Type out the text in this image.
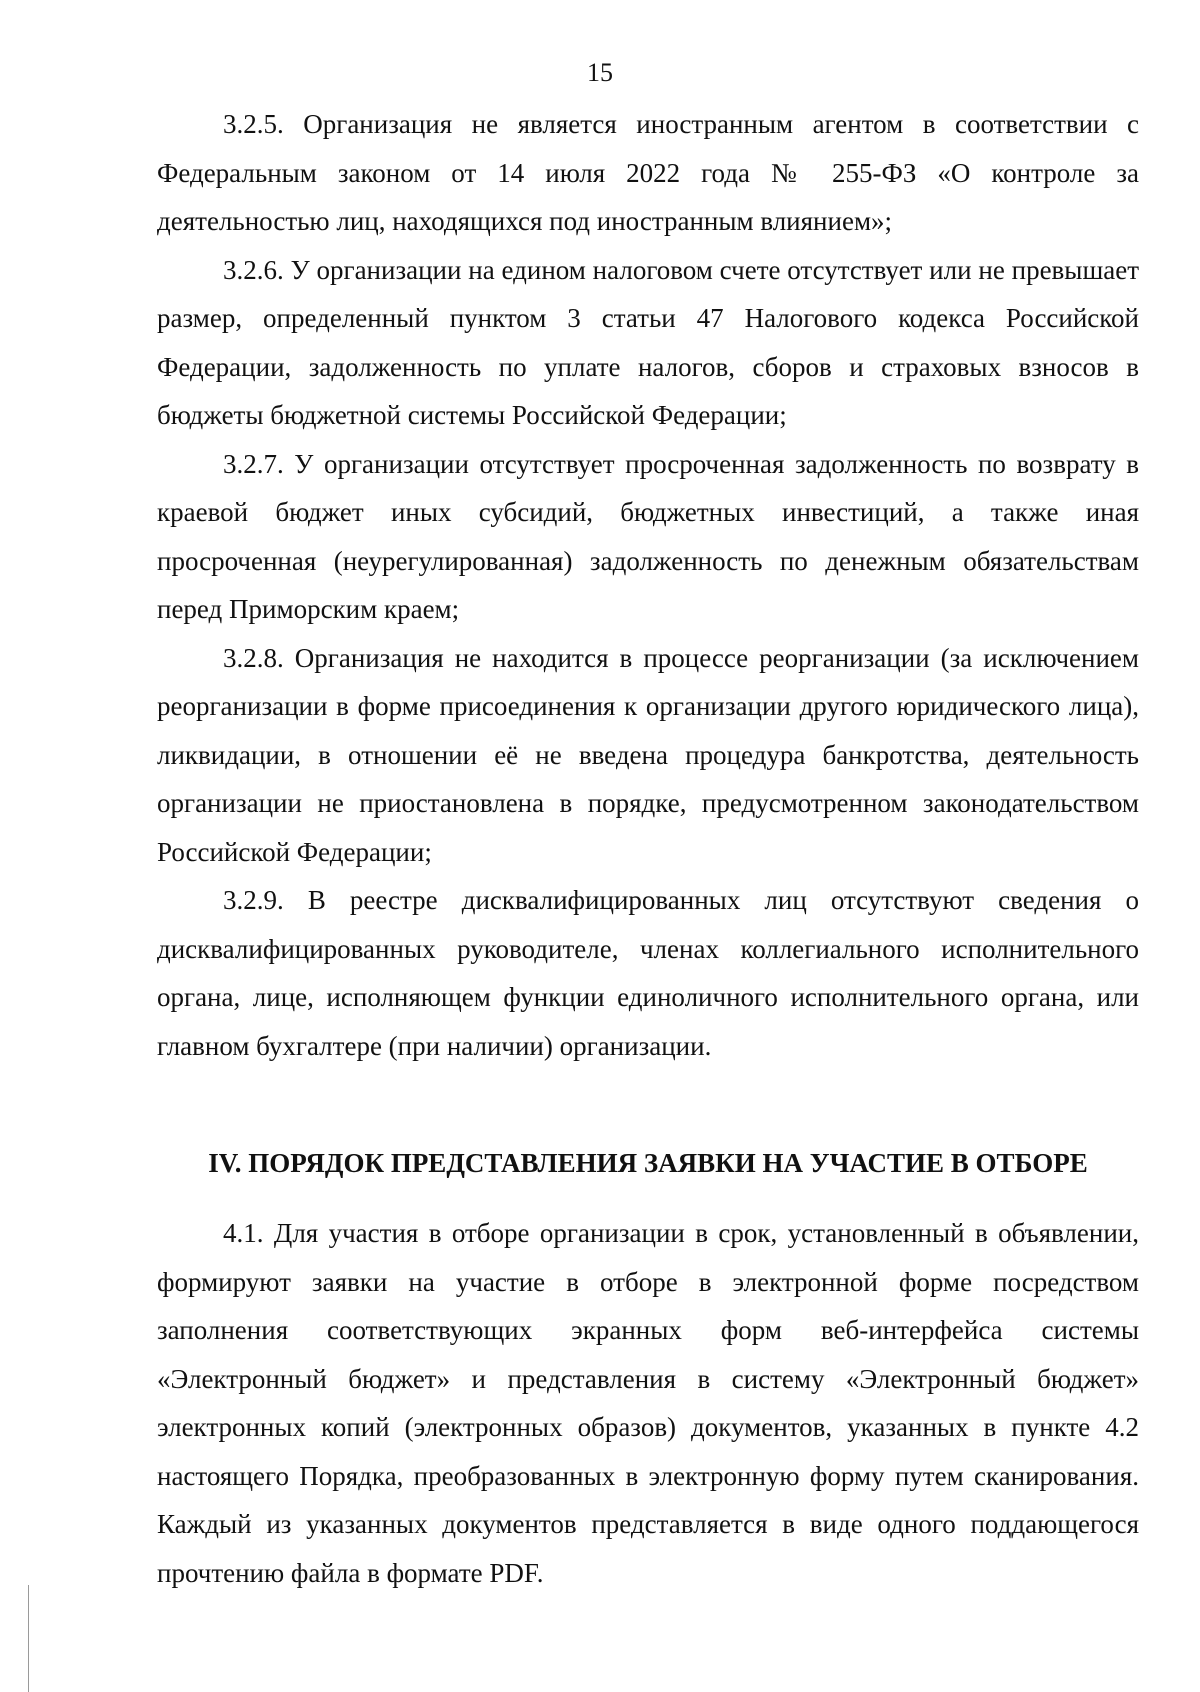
15

3.2.5. Организация не является иностранным агентом в соответствии с Федеральным законом от 14 июля 2022 года № 255-ФЗ «О контроле за деятельностью лиц, находящихся под иностранным влиянием»;

3.2.6. У организации на едином налоговом счете отсутствует или не превышает размер, определенный пунктом 3 статьи 47 Налогового кодекса Российской Федерации, задолженность по уплате налогов, сборов и страховых взносов в бюджеты бюджетной системы Российской Федерации;

3.2.7. У организации отсутствует просроченная задолженность по возврату в краевой бюджет иных субсидий, бюджетных инвестиций, а также иная просроченная (неурегулированная) задолженность по денежным обязательствам перед Приморским краем;

3.2.8. Организация не находится в процессе реорганизации (за исключением реорганизации в форме присоединения к организации другого юридического лица), ликвидации, в отношении её не введена процедура банкротства, деятельность организации не приостановлена в порядке, предусмотренном законодательством Российской Федерации;

3.2.9. В реестре дисквалифицированных лиц отсутствуют сведения о дисквалифицированных руководителе, членах коллегиального исполнительного органа, лице, исполняющем функции единоличного исполнительного органа, или главном бухгалтере (при наличии) организации.

IV. ПОРЯДОК ПРЕДСТАВЛЕНИЯ ЗАЯВКИ НА УЧАСТИЕ В ОТБОРЕ

4.1. Для участия в отборе организации в срок, установленный в объявлении, формируют заявки на участие в отборе в электронной форме посредством заполнения соответствующих экранных форм веб-интерфейса системы «Электронный бюджет» и представления в систему «Электронный бюджет» электронных копий (электронных образов) документов, указанных в пункте 4.2 настоящего Порядка, преобразованных в электронную форму путем сканирования. Каждый из указанных документов представляется в виде одного поддающегося прочтению файла в формате PDF.
